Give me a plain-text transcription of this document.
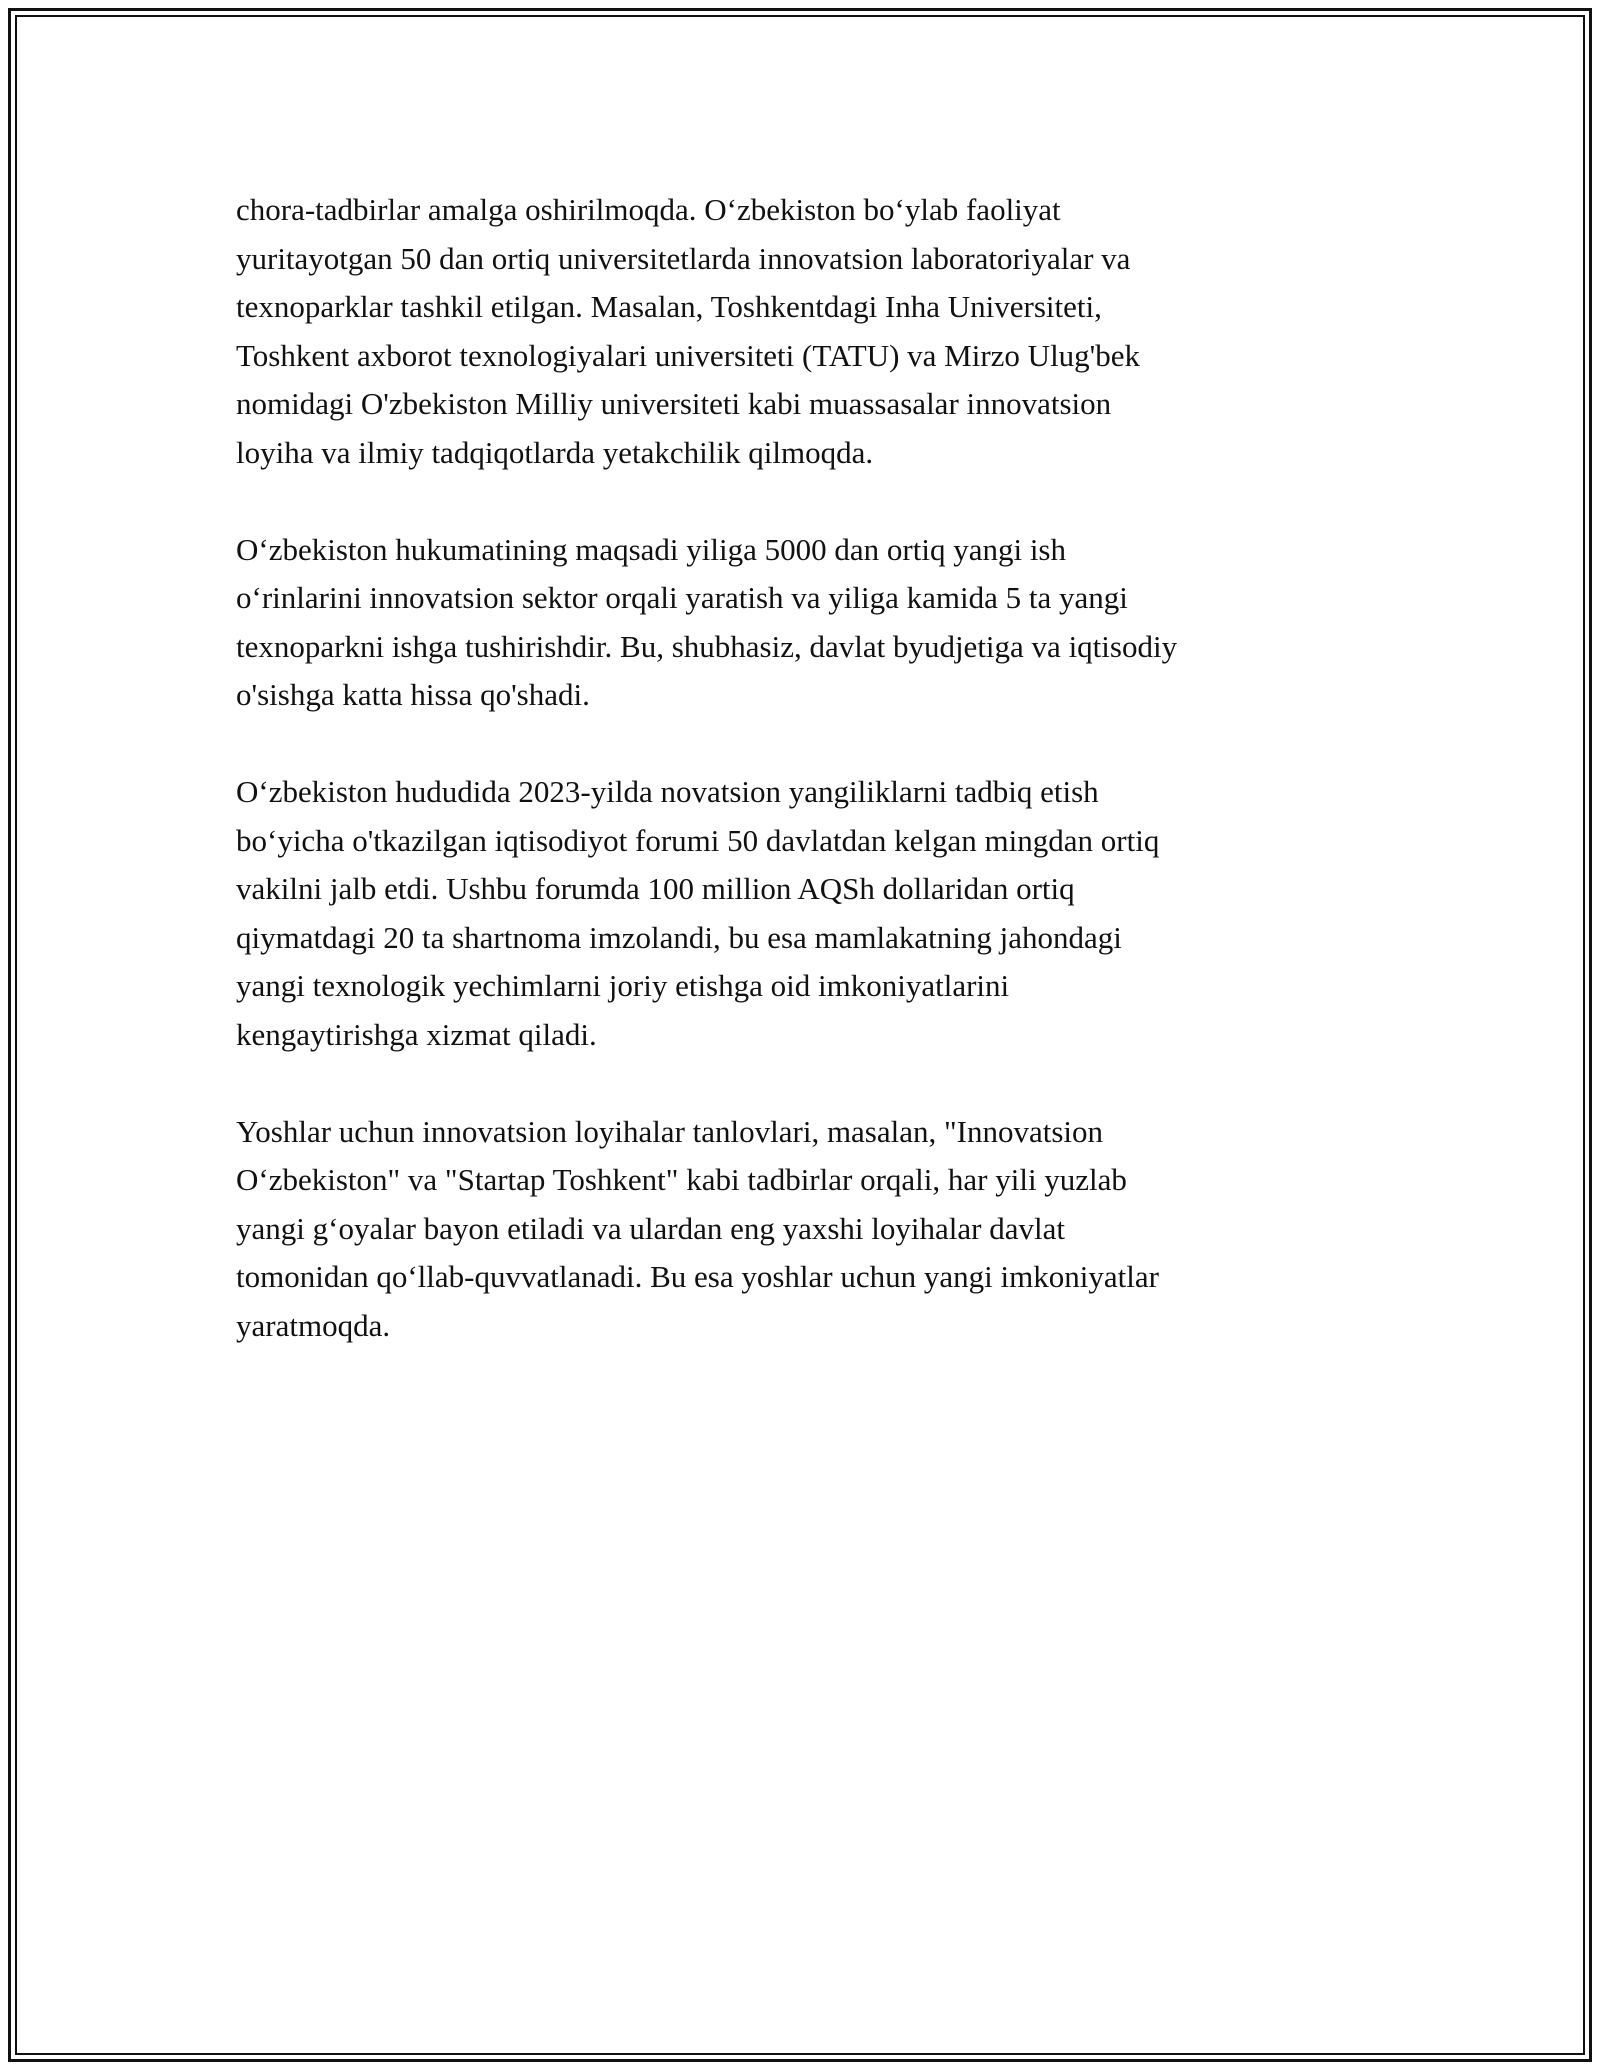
chora-tadbirlar amalga oshirilmoqda. O‘zbekiston bo‘ylab faoliyat
yuritayotgan 50 dan ortiq universitetlarda innovatsion laboratoriyalar va
texnoparklar tashkil etilgan. Masalan, Toshkentdagi Inha Universiteti,
Toshkent axborot texnologiyalari universiteti (TATU) va Mirzo Ulug'bek
nomidagi O'zbekiston Milliy universiteti kabi muassasalar innovatsion
loyiha va ilmiy tadqiqotlarda yetakchilik qilmoqda.

O‘zbekiston hukumatining maqsadi yiliga 5000 dan ortiq yangi ish
o‘rinlarini innovatsion sektor orqali yaratish va yiliga kamida 5 ta yangi
texnoparkni ishga tushirishdir. Bu, shubhasiz, davlat byudjetiga va iqtisodiy
o'sishga katta hissa qo'shadi.

O‘zbekiston hududida 2023-yilda novatsion yangiliklarni tadbiq etish
bo‘yicha o'tkazilgan iqtisodiyot forumi 50 davlatdan kelgan mingdan ortiq
vakilni jalb etdi. Ushbu forumda 100 million AQSh dollaridan ortiq
qiymatdagi 20 ta shartnoma imzolandi, bu esa mamlakatning jahondagi
yangi texnologik yechimlarni joriy etishga oid imkoniyatlarini
kengaytirishga xizmat qiladi.

Yoshlar uchun innovatsion loyihalar tanlovlari, masalan, "Innovatsion
O‘zbekiston" va "Startap Toshkent" kabi tadbirlar orqali, har yili yuzlab
yangi g‘oyalar bayon etiladi va ulardan eng yaxshi loyihalar davlat
tomonidan qo‘llab-quvvatlanadi. Bu esa yoshlar uchun yangi imkoniyatlar
yaratmoqda.
